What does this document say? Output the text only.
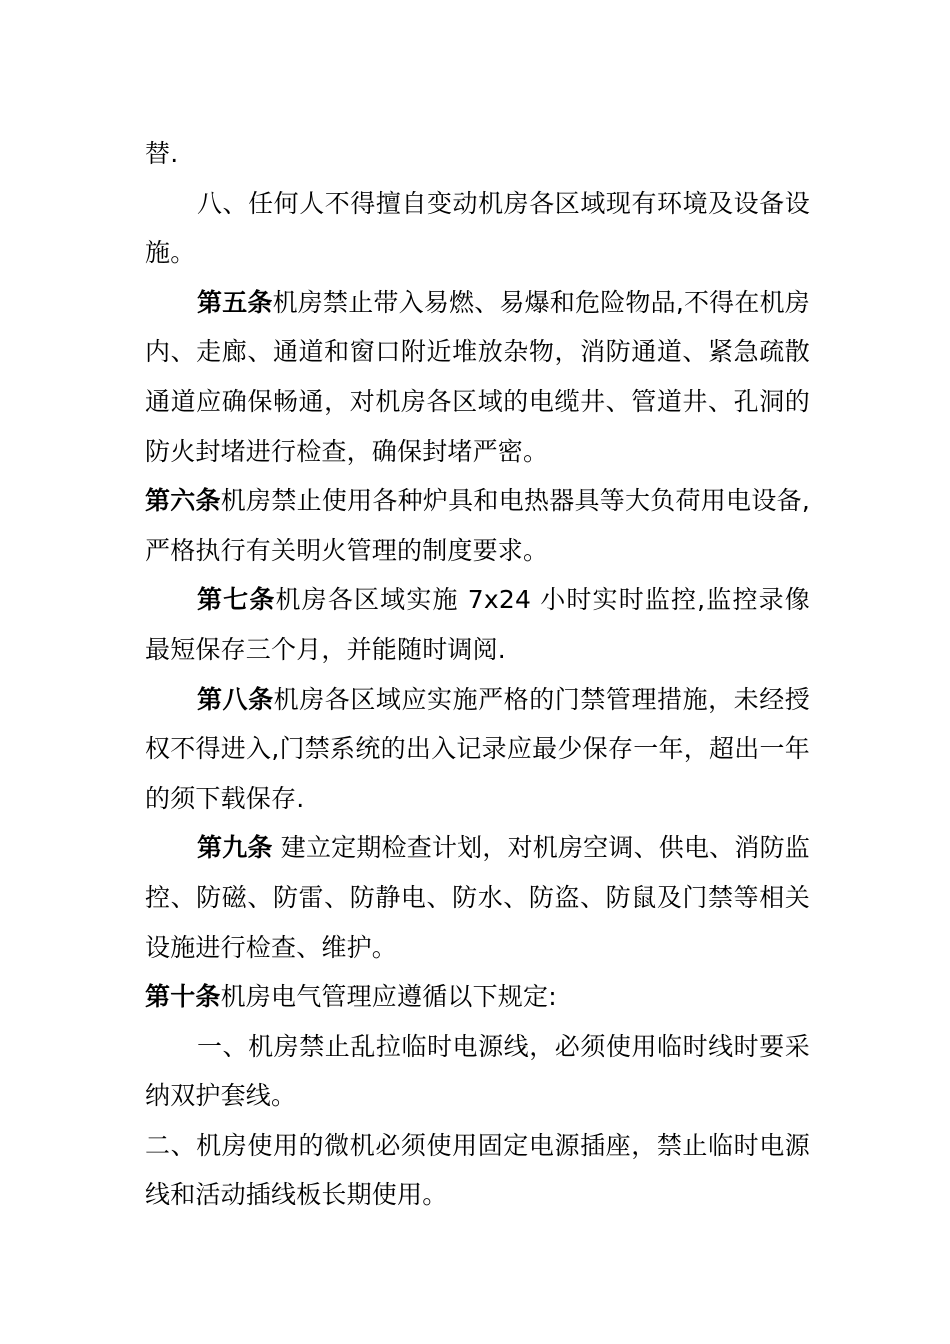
替.

八、任何人不得擅自变动机房各区域现有环境及设备设施。

第五条机房禁止带入易燃、易爆和危险物品,不得在机房内、走廊、通道和窗口附近堆放杂物，消防通道、紧急疏散通道应确保畅通，对机房各区域的电缆井、管道井、孔洞的防火封堵进行检查，确保封堵严密。

第六条机房禁止使用各种炉具和电热器具等大负荷用电设备,严格执行有关明火管理的制度要求。

第七条机房各区域实施 7x24 小时实时监控,监控录像最短保存三个月，并能随时调阅.

第八条机房各区域应实施严格的门禁管理措施，未经授权不得进入,门禁系统的出入记录应最少保存一年，超出一年的须下载保存.

第九条 建立定期检查计划，对机房空调、供电、消防监控、防磁、防雷、防静电、防水、防盗、防鼠及门禁等相关设施进行检查、维护。

第十条机房电气管理应遵循以下规定:

一、机房禁止乱拉临时电源线，必须使用临时线时要采纳双护套线。

二、机房使用的微机必须使用固定电源插座，禁止临时电源线和活动插线板长期使用。
